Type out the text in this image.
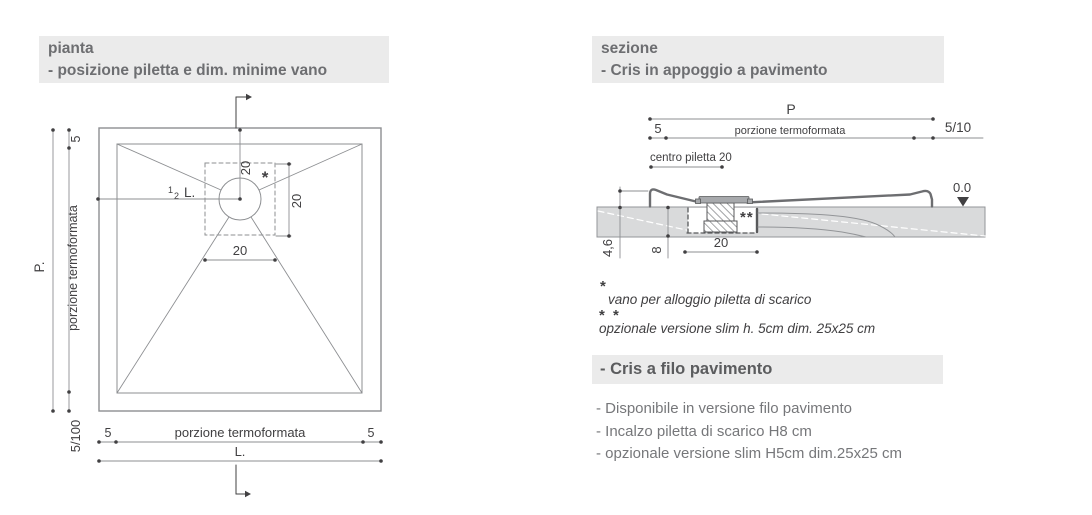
20 *
20
12 L.
20
5	porzione termoformata	5
L.
P.
5
porzione termoformata
5/100
P
5	porzione termoformata	5/10
centro piletta 20
4,6	8	20
0.0
**
pianta
- posizione piletta e dim. minime vano
sezione
- Cris in appoggio a pavimento
*
vano per alloggio piletta di scarico
* *
opzionale versione slim h. 5cm dim. 25x25 cm
- Cris a filo pavimento
- Disponibile in versione filo pavimento
- Incalzo piletta di scarico H8 cm
- opzionale versione slim H5cm dim.25x25 cm
